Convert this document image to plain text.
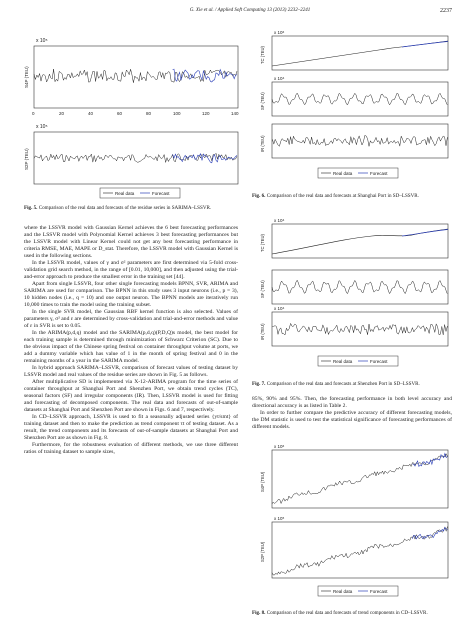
G. Xie et al. / Applied Soft Computing 13 (2013) 2232–2241	2237
x 10⁵
S4P (TEU)
0	20	40	60	80	100	120	140
x 10⁵
S2P (TEU)
Real data	Forecast
Fig. 5. Comparison of the real data and forecasts of the residue series in SARIMA–LSSVR.

where the LSSVR model with Gaussian Kernel achieves the 6 best forecasting performances and the LSSVR model with Polynomial Kernel achieves 3 best forecasting performances but the LSSVR model with Linear Kernel could not get any best forecasting performance in criteria RMSE, MAE, MAPE or D_stat. Therefore, the LSSVR model with Gaussian Kernel is used in the following sections.

In the LSSVR model, values of γ and σ² parameters are first determined via 5-fold cross-validation grid search method, in the range of [0.01, 10,000], and then adjusted using the trial-and-error approach to produce the smallest error in the training set [44].

Apart from single LSSVR, four other single forecasting models BPNN, SVR, ARIMA and SARIMA are used for comparison. The BPNN in this study uses 3 input neurons (i.e., p = 3), 10 hidden nodes (i.e., q = 10) and one output neuron. The BPNN models are iteratively run 10,000 times to train the model using the training subset.

In the single SVR model, the Gaussian RBF kernel function is also selected. Values of parameters γ, σ² and ε are determined by cross-validation and trial-and-error methods and value of ε in SVR is set to 0.05.

In the ARIMA(p,d,q) model and the SARIMA(p,d,q)(P,D,Q)s model, the best model for each training sample is determined through minimization of Schwarz Criterion (SC). Due to the obvious impact of the Chinese spring festival on container throughput volume at ports, we add a dummy variable which has value of 1 in the month of spring festival and 0 in the remaining months of a year in the SARIMA model.

In hybrid approach SARIMA–LSSVR, comparison of forecast values of testing dataset by LSSVR model and real values of the residue series are shown in Fig. 5 as follows.

After multiplicative SD is implemented via X-12-ARIMA program for the time series of container throughput at Shanghai Port and Shenzhen Port, we obtain trend cycles (TC), seasonal factors (SF) and irregular components (IR). Then, LSSVR model is used for fitting and forecasting of decomposed components. The real data and forecasts of out-of-sample datasets at Shanghai Port and Shenzhen Port are shown in Figs. 6 and 7, respectively.

In CD–LSSVR approach, LSSVR is used to fit a seasonally adjusted series {yt/smt} of training dataset and then to make the prediction as trend component τt of testing dataset. As a result, the trend components and its forecasts of out-of-sample datasets at Shanghai Port and Shenzhen Port are as shown in Fig. 8.

Furthermore, for the robustness evaluation of different methods, we use three different ratios of training dataset to sample sizes,

x 10⁶
TC (TEU)
x 10⁴
SF (TEU)
IR (TEU)
Real data	Forecast
Fig. 6. Comparison of the real data and forecasts at Shanghai Port in SD–LSSVR.
x 10⁴
TC (TEU)
SF (TEU)
x 10⁴
IR (TEU)
Real data	Forecast
Fig. 7. Comparison of the real data and forecasts at Shenzhen Port in SD–LSSVR.

85%, 90% and 95%. Then, the forecasting performance in both level accuracy and directional accuracy is as listed in Table 2.

In order to further compare the predictive accuracy of different forecasting models, the DM statistic is used to test the statistical significance of forecasting performances of different models.

x 10⁶
S4P (TEU)
x 10⁵
S2P (TEU)
Real data	Forecast
Fig. 8. Comparison of the real data and forecasts of trend components in CD–LSSVR.
